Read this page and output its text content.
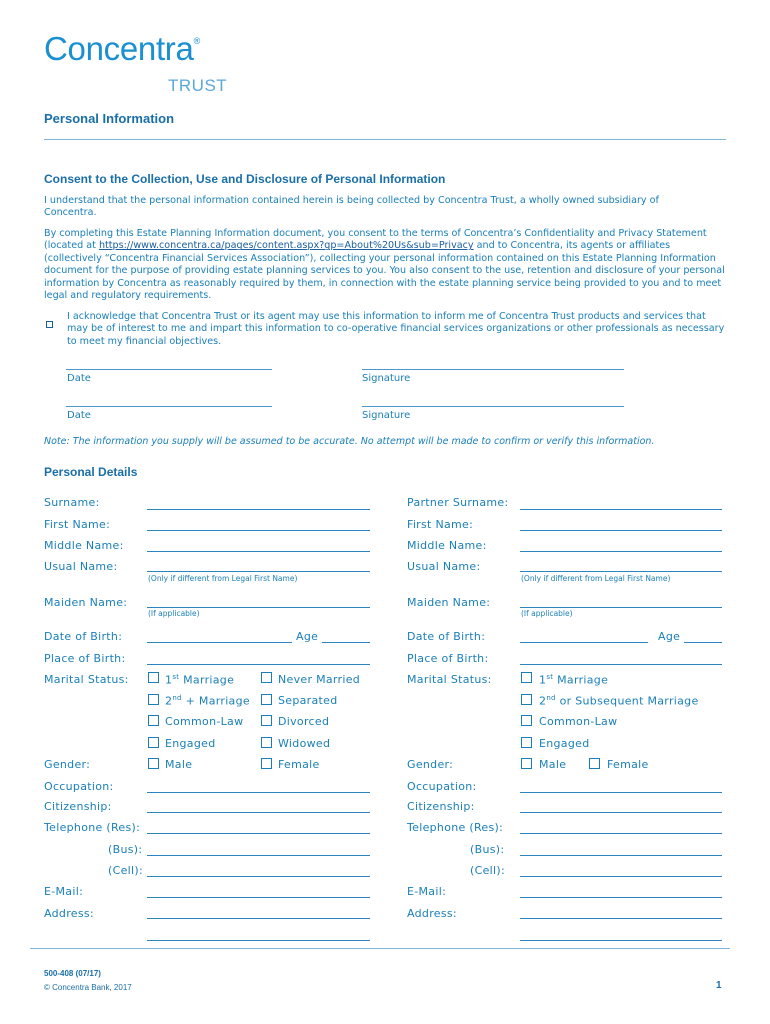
Concentra®
TRUST
Personal Information
Consent to the Collection, Use and Disclosure of Personal Information
I understand that the personal information contained herein is being collected by Concentra Trust, a wholly owned subsidiary of Concentra.
By completing this Estate Planning Information document, you consent to the terms of Concentra’s Confidentiality and Privacy Statement (located at https://www.concentra.ca/pages/content.aspx?gp=About%20Us&sub=Privacy and to Concentra, its agents or affiliates (collectively “Concentra Financial Services Association”), collecting your personal information contained on this Estate Planning Information document for the purpose of providing estate planning services to you. You also consent to the use, retention and disclosure of your personal information by Concentra as reasonably required by them, in connection with the estate planning service being provided to you and to meet legal and regulatory requirements.
I acknowledge that Concentra Trust or its agent may use this information to inform me of Concentra Trust products and services that may be of interest to me and impart this information to co-operative financial services organizations or other professionals as necessary to meet my financial objectives.
Date	Signature
Date	Signature
Note: The information you supply will be assumed to be accurate. No attempt will be made to confirm or verify this information.
Personal Details
Surname:
First Name:
Middle Name:
Usual Name:
(Only if different from Legal First Name)
Maiden Name:
(If applicable)
Date of Birth:	Age
Place of Birth:
Marital Status:	1st Marriage	Never Married
2nd + Marriage	Separated
Common-Law	Divorced
Engaged	Widowed
Gender:	Male	Female
Occupation:
Citizenship:
Telephone (Res):
(Bus):
(Cell):
E-Mail:
Address:
Partner Surname:
First Name:
Middle Name:
Usual Name:
(Only if different from Legal First Name)
Maiden Name:
(If applicable)
Date of Birth:	Age
Place of Birth:
Marital Status:	1st Marriage
2nd or Subsequent Marriage
Common-Law
Engaged
Gender:	Male	Female
Occupation:
Citizenship:
Telephone (Res):
(Bus):
(Cell):
E-Mail:
Address:
500-408 (07/17)
© Concentra Bank, 2017	1
